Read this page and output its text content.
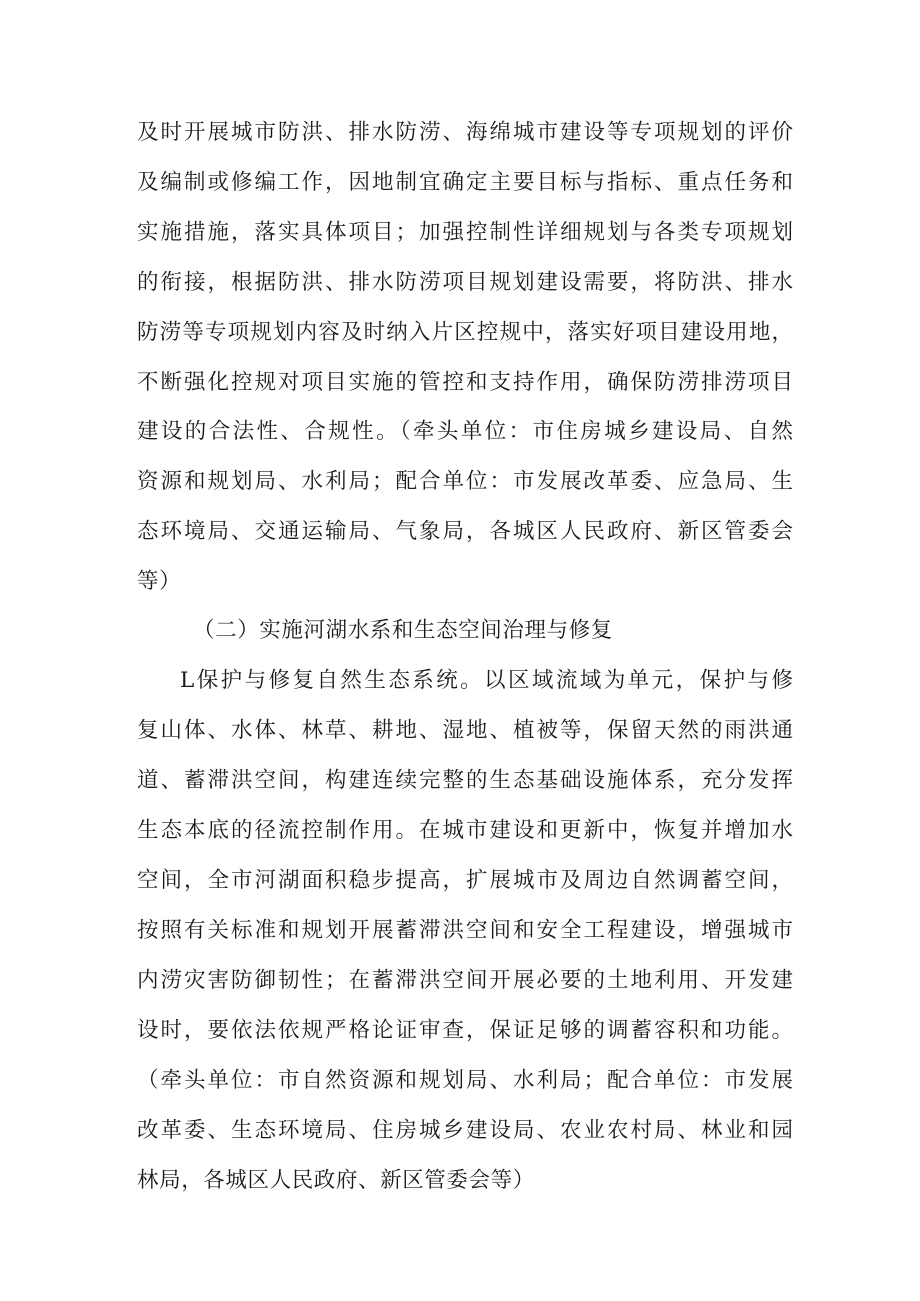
及时开展城市防洪、排水防涝、海绵城市建设等专项规划的评价
及编制或修编工作，因地制宜确定主要目标与指标、重点任务和
实施措施，落实具体项目；加强控制性详细规划与各类专项规划
的衔接，根据防洪、排水防涝项目规划建设需要，将防洪、排水
防涝等专项规划内容及时纳入片区控规中，落实好项目建设用地，
不断强化控规对项目实施的管控和支持作用，确保防涝排涝项目
建设的合法性、合规性。（牵头单位：市住房城乡建设局、自然
资源和规划局、水利局；配合单位：市发展改革委、应急局、生
态环境局、交通运输局、气象局，各城区人民政府、新区管委会
等）
（二）实施河湖水系和生态空间治理与修复
L保护与修复自然生态系统。以区域流域为单元，保护与修
复山体、水体、林草、耕地、湿地、植被等，保留天然的雨洪通
道、蓄滞洪空间，构建连续完整的生态基础设施体系，充分发挥
生态本底的径流控制作用。在城市建设和更新中，恢复并增加水
空间，全市河湖面积稳步提高，扩展城市及周边自然调蓄空间，
按照有关标准和规划开展蓄滞洪空间和安全工程建设，增强城市
内涝灾害防御韧性；在蓄滞洪空间开展必要的土地利用、开发建
设时，要依法依规严格论证审查，保证足够的调蓄容积和功能。
（牵头单位：市自然资源和规划局、水利局；配合单位：市发展
改革委、生态环境局、住房城乡建设局、农业农村局、林业和园
林局，各城区人民政府、新区管委会等）
